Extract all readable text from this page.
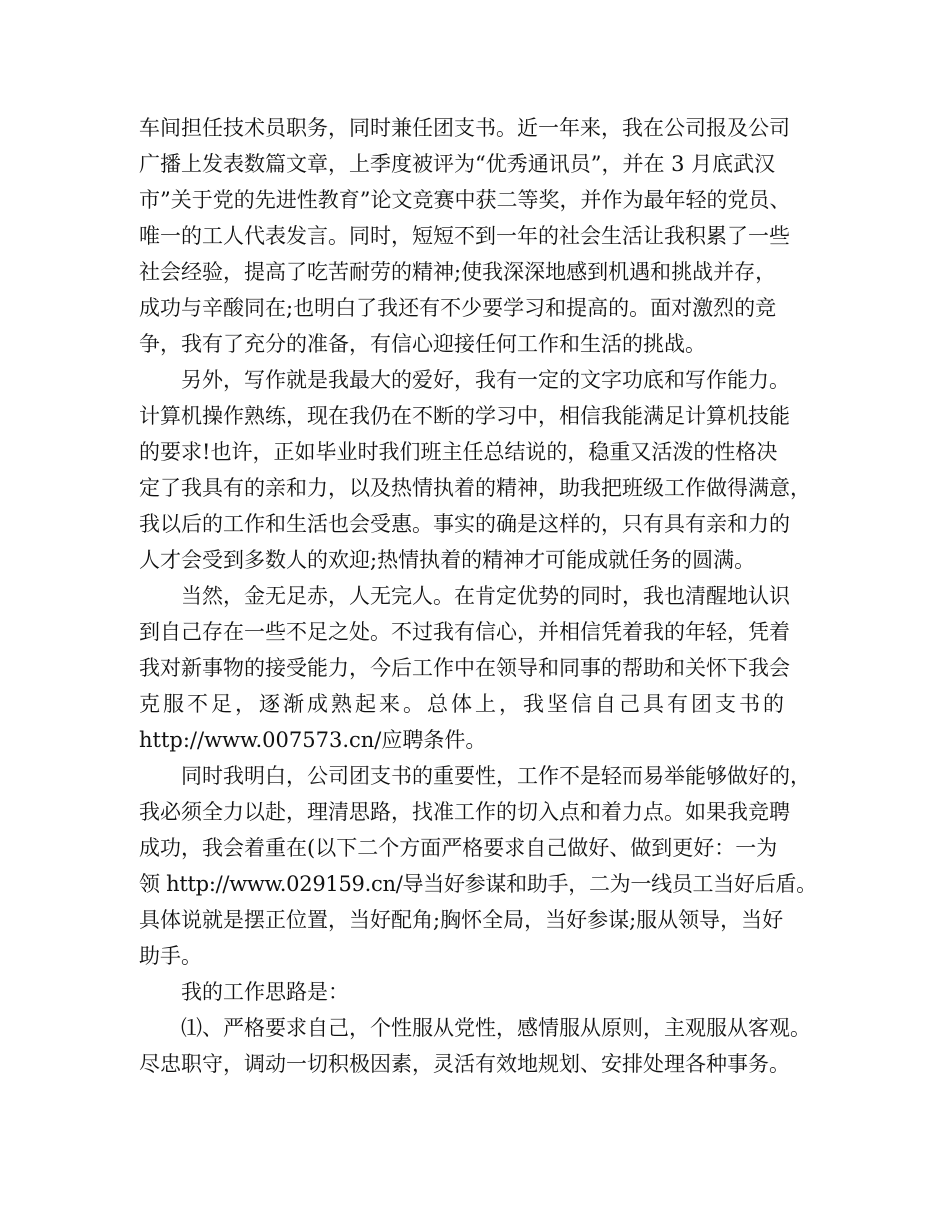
车间担任技术员职务，同时兼任团支书。近一年来，我在公司报及公司
广播上发表数篇文章，上季度被评为“优秀通讯员”，并在 3 月底武汉
市”关于党的先进性教育”论文竞赛中获二等奖，并作为最年轻的党员、
唯一的工人代表发言。同时，短短不到一年的社会生活让我积累了一些
社会经验，提高了吃苦耐劳的精神;使我深深地感到机遇和挑战并存，
成功与辛酸同在;也明白了我还有不少要学习和提高的。面对激烈的竞
争，我有了充分的准备，有信心迎接任何工作和生活的挑战。
另外，写作就是我最大的爱好，我有一定的文字功底和写作能力。
计算机操作熟练，现在我仍在不断的学习中，相信我能满足计算机技能
的要求!也许，正如毕业时我们班主任总结说的，稳重又活泼的性格决
定了我具有的亲和力，以及热情执着的精神，助我把班级工作做得满意，
我以后的工作和生活也会受惠。事实的确是这样的，只有具有亲和力的
人才会受到多数人的欢迎;热情执着的精神才可能成就任务的圆满。
当然，金无足赤，人无完人。在肯定优势的同时，我也清醒地认识
到自己存在一些不足之处。不过我有信心，并相信凭着我的年轻，凭着
我对新事物的接受能力，今后工作中在领导和同事的帮助和关怀下我会
克服不足，逐渐成熟起来。总体上，我坚信自己具有团支书的
http://www.007573.cn/应聘条件。
同时我明白，公司团支书的重要性，工作不是轻而易举能够做好的，
我必须全力以赴，理清思路，找准工作的切入点和着力点。如果我竞聘
成功，我会着重在(以下二个方面严格要求自己做好、做到更好：一为
领 http://www.029159.cn/导当好参谋和助手，二为一线员工当好后盾。
具体说就是摆正位置，当好配角;胸怀全局，当好参谋;服从领导，当好
助手。
我的工作思路是：
⑴、严格要求自己，个性服从党性，感情服从原则，主观服从客观。
尽忠职守，调动一切积极因素，灵活有效地规划、安排处理各种事务。
